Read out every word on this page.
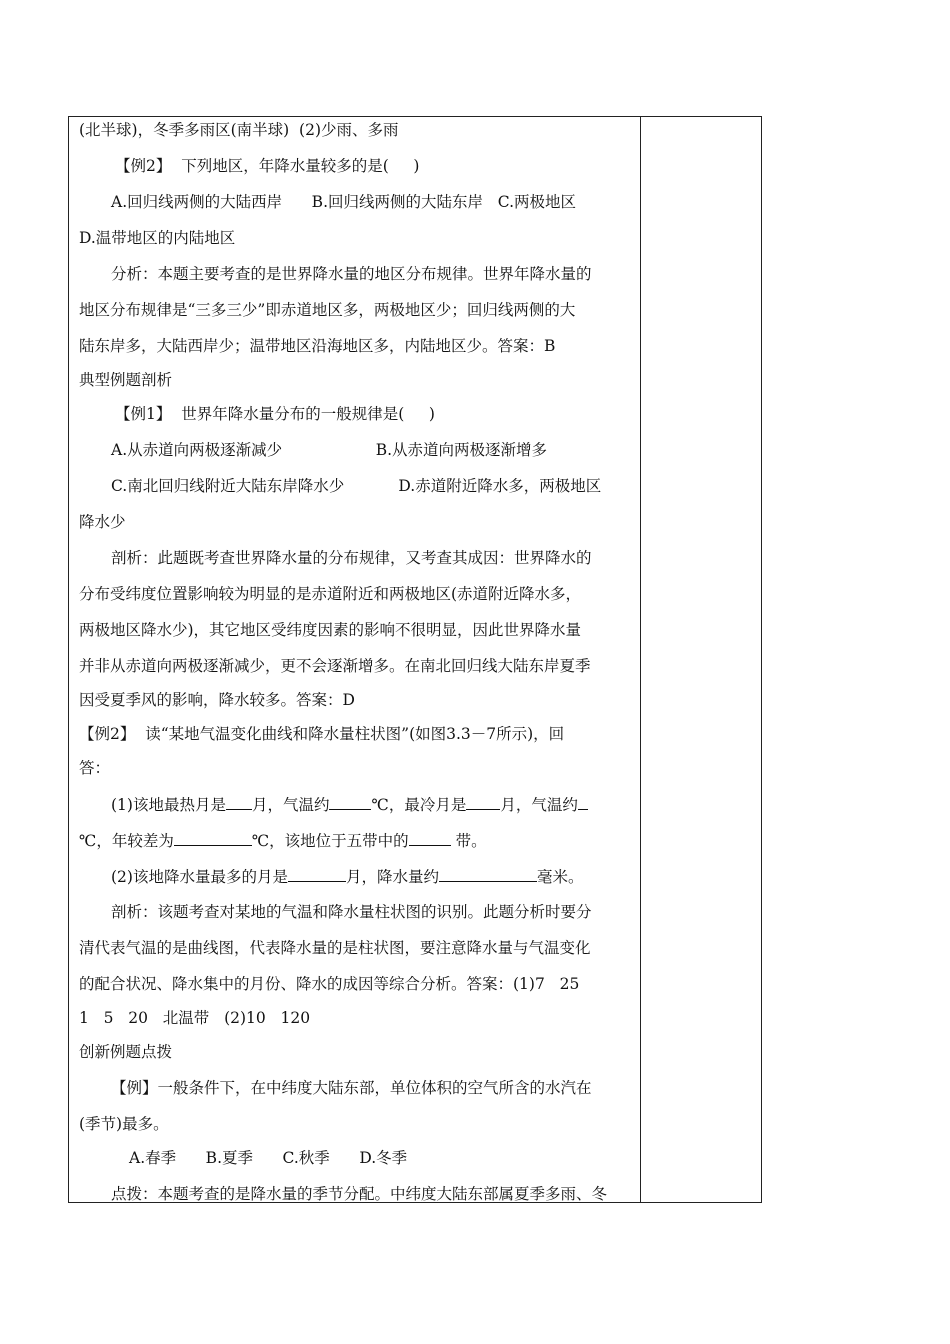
(北半球)，冬季多雨区(南半球)  (2)少雨、多雨
【例2】  下列地区，年降水量较多的是(     )
A.回归线两侧的大陆西岸      B.回归线两侧的大陆东岸   C.两极地区
D.温带地区的内陆地区
分析：本题主要考查的是世界降水量的地区分布规律。世界年降水量的
地区分布规律是“三多三少”即赤道地区多，两极地区少；回归线两侧的大
陆东岸多，大陆西岸少；温带地区沿海地区多，内陆地区少。答案：B
典型例题剖析
【例1】  世界年降水量分布的一般规律是(     )
A.从赤道向两极逐渐减少                   B.从赤道向两极逐渐增多
C.南北回归线附近大陆东岸降水少           D.赤道附近降水多，两极地区
降水少
剖析：此题既考查世界降水量的分布规律，又考查其成因：世界降水的
分布受纬度位置影响较为明显的是赤道附近和两极地区(赤道附近降水多，
两极地区降水少)，其它地区受纬度因素的影响不很明显，因此世界降水量
并非从赤道向两极逐渐减少，更不会逐渐增多。在南北回归线大陆东岸夏季
因受夏季风的影响，降水较多。答案：D
【例2】  读“某地气温变化曲线和降水量柱状图”(如图3.3－7所示)，回
答：
(1)该地最热月是 月，气温约	℃，最冷月是 月，气温约
℃，年较差为	℃，该地位于五带中的	带。
(2)该地降水量最多的月是	月，降水量约	毫米。
剖析：该题考查对某地的气温和降水量柱状图的识别。此题分析时要分
清代表气温的是曲线图，代表降水量的是柱状图，要注意降水量与气温变化
的配合状况、降水集中的月份、降水的成因等综合分析。答案：(1)7   25
1   5   20   北温带   (2)10   120
创新例题点拨
【例】一般条件下，在中纬度大陆东部，单位体积的空气所含的水汽在
(季节)最多。
A.春季      B.夏季      C.秋季      D.冬季
点拨：本题考查的是降水量的季节分配。中纬度大陆东部属夏季多雨、冬
